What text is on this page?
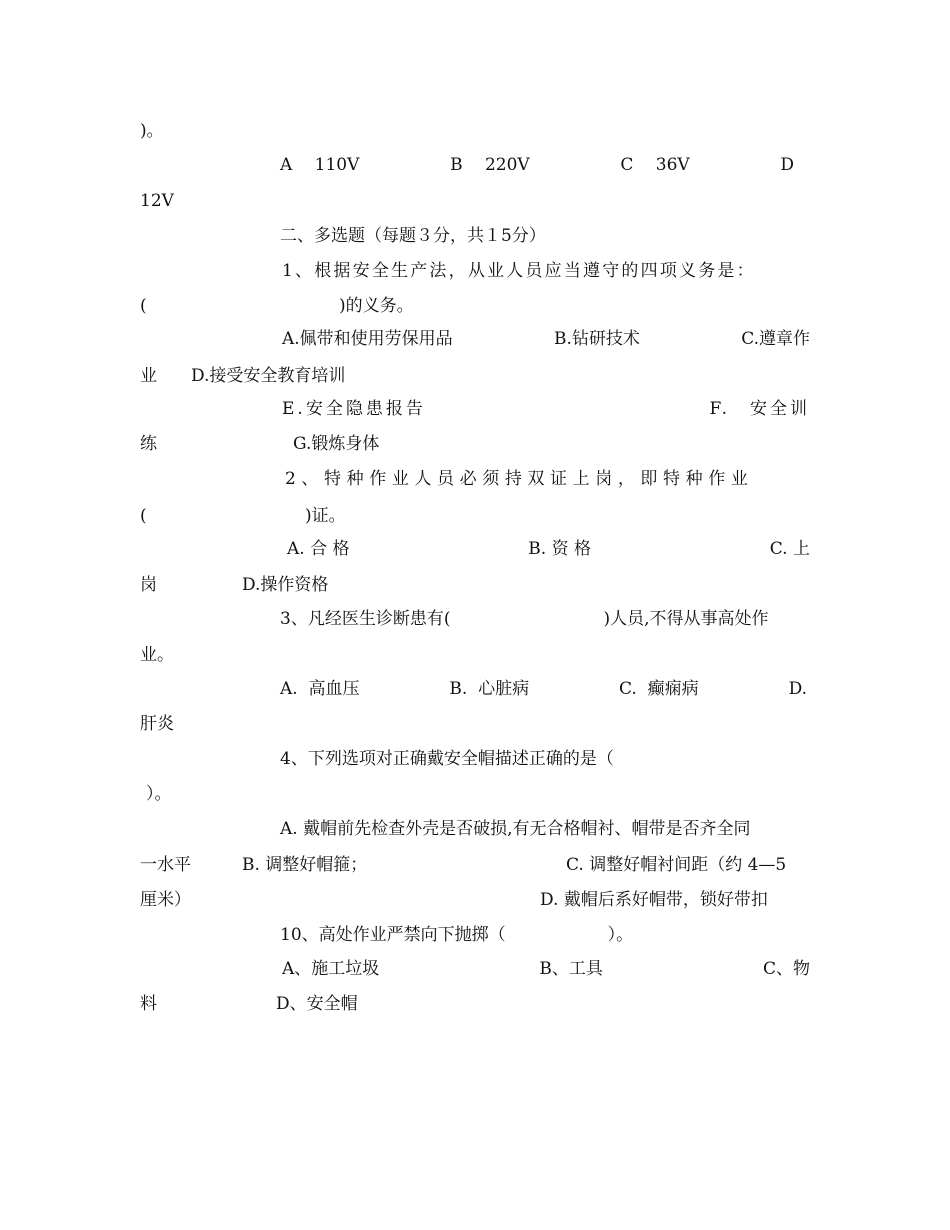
)。
A　 110V	B　 220V	C　 36V	D
12V
二、多选题（每题３分，共１5分）
1、根据安全生产法，从业人员应当遵守的四项义务是：
(　　　　　　　　　　　 )的义务。
A.佩带和使用劳保用品	B.钻研技术	C.遵章作
业　　D.接受安全教育培训
E.安全隐患报告	F.　安全训
练　　　　　　　　G.锻炼身体
2、特种作业人员必须持双证上岗，即特种作业
(　　　　　　　　　 )证。
A. 合 格	B. 资 格	C. 上
岗　　　　　D.操作资格
3、凡经医生诊断患有(　　　　　　　　　)人员,不得从事高处作
业。
A.  高血压	B.  心脏病	C.  癫痫病	D.
肝炎
4、下列选项对正确戴安全帽描述正确的是（
）。
A. 戴帽前先检查外壳是否破损,有无合格帽衬、帽带是否齐全同
一水平　　　B. 调整好帽箍；	C. 调整好帽衬间距（约 4—5
厘米）	D. 戴帽后系好帽带，锁好带扣
10、高处作业严禁向下抛掷（　　　　　　）。
A、施工垃圾	B、工具	C、物
料　　　　　　　D、安全帽
